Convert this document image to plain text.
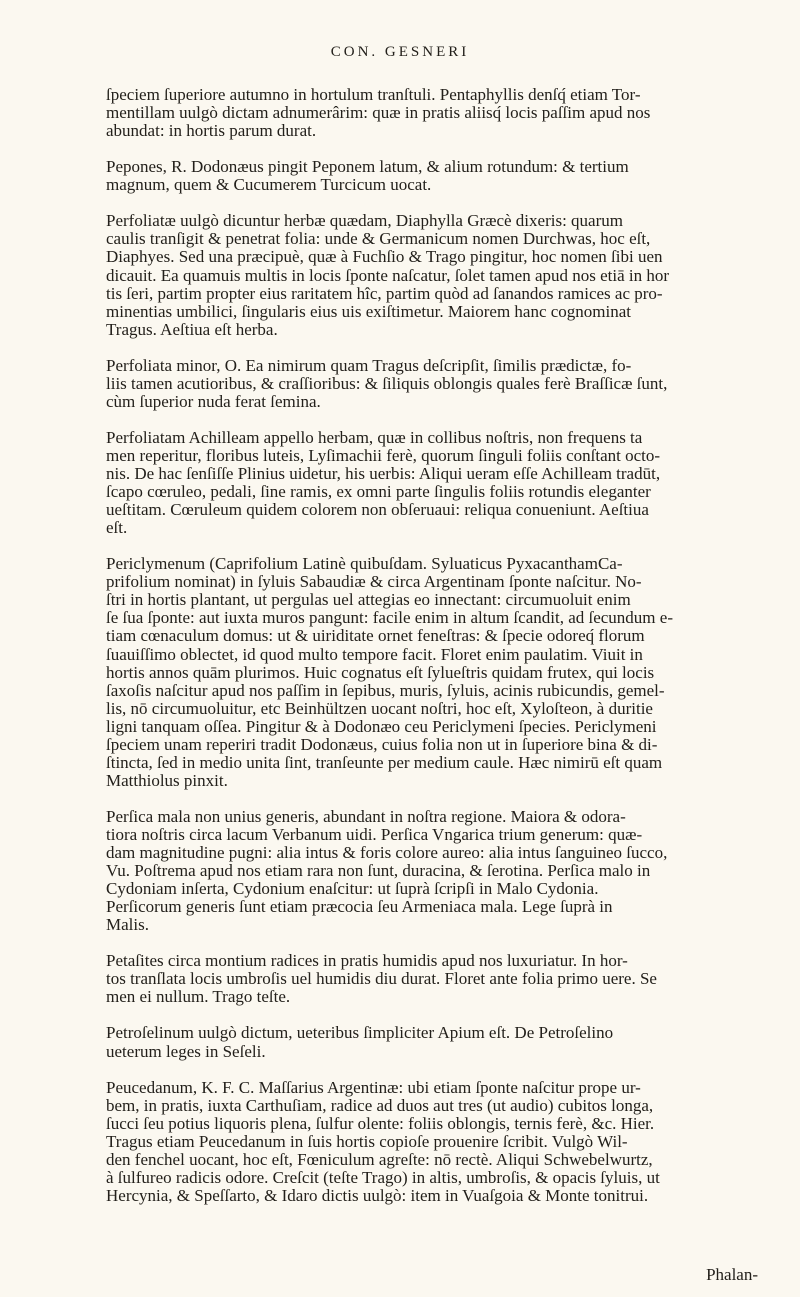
CON. GESNERI

ſpeciem ſuperiore autumno in hortulum tranſtuli. Pentaphyllis denſq́ etiam Tor-
mentillam uulgò dictam adnumerârim: quæ in pratis aliisq́ locis paſſim apud nos
abundat: in hortis parum durat.

Pepones, R. Dodonæus pingit Peponem latum, & alium rotundum: & tertium
magnum, quem & Cucumerem Turcicum uocat.

Perfoliatæ uulgò dicuntur herbæ quædam, Diaphylla Græcè dixeris: quarum
caulis tranſigit & penetrat folia: unde & Germanicum nomen Durchwas, hoc eſt,
Diaphyes. Sed una præcipuè, quæ à Fuchſio & Trago pingitur, hoc nomen ſibi uen
dicauit. Ea quamuis multis in locis ſponte naſcatur, ſolet tamen apud nos etiā in hor
tis ſeri, partim propter eius raritatem hîc, partim quòd ad ſanandos ramices ac pro-
minentias umbilici, ſingularis eius uis exiſtimetur. Maiorem hanc cognominat
Tragus. Aeſtiua eſt herba.

Perfoliata minor, O. Ea nimirum quam Tragus deſcripſit, ſimilis prædictæ, fo-
liis tamen acutioribus, & craſſioribus: & ſiliquis oblongis quales ferè Braſſicæ ſunt,
cùm ſuperior nuda ferat ſemina.

Perfoliatam Achilleam appello herbam, quæ in collibus noſtris, non frequens ta
men reperitur, floribus luteis, Lyſimachii ferè, quorum ſinguli foliis conſtant octo-
nis. De hac ſenſiſſe Plinius uidetur, his uerbis: Aliqui ueram eſſe Achilleam tradūt,
ſcapo cœruleo, pedali, ſine ramis, ex omni parte ſingulis foliis rotundis eleganter
ueſtitam. Cœruleum quidem colorem non obſeruaui: reliqua conueniunt. Aeſtiua
eſt.

Periclymenum (Caprifolium Latinè quibuſdam. Syluaticus PyxacanthamCa-
prifolium nominat) in ſyluis Sabaudiæ & circa Argentinam ſponte naſcitur. No-
ſtri in hortis plantant, ut pergulas uel attegias eo innectant: circumuoluit enim
ſe ſua ſponte: aut iuxta muros pangunt: facile enim in altum ſcandit, ad ſecundum e-
tiam cœnaculum domus: ut & uiriditate ornet feneſtras: & ſpecie odoreq́ florum
ſuauiſſimo oblectet, id quod multo tempore facit. Floret enim paulatim. Viuit in
hortis annos quām plurimos. Huic cognatus eſt ſylueſtris quidam frutex, qui locis
ſaxoſis naſcitur apud nos paſſim in ſepibus, muris, ſyluis, acinis rubicundis, gemel-
lis, nō circumuoluitur, etc Beinhültzen uocant noſtri, hoc eſt, Xyloſteon, à duritie
ligni tanquam oſſea. Pingitur & à Dodonæo ceu Periclymeni ſpecies. Periclymeni
ſpeciem unam reperiri tradit Dodonæus, cuius folia non ut in ſuperiore bina & di-
ſtincta, ſed in medio unita ſint, tranſeunte per medium caule. Hæc nimirū eſt quam
Matthiolus pinxit.

Perſica mala non unius generis, abundant in noſtra regione. Maiora & odora-
tiora noſtris circa lacum Verbanum uidi. Perſica Vngarica trium generum: quæ-
dam magnitudine pugni: alia intus & foris colore aureo: alia intus ſanguineo ſucco,
Vu. Poſtrema apud nos etiam rara non ſunt, duracina, & ſerotina. Perſica malo in
Cydoniam inſerta, Cydonium enaſcitur: ut ſuprà ſcripſi in Malo Cydonia.
Perſicorum generis ſunt etiam præcocia ſeu Armeniaca mala. Lege ſuprà in
Malis.

Petaſites circa montium radices in pratis humidis apud nos luxuriatur. In hor-
tos tranſlata locis umbroſis uel humidis diu durat. Floret ante folia primo uere. Se
men ei nullum. Trago teſte.

Petroſelinum uulgò dictum, ueteribus ſimpliciter Apium eſt. De Petroſelino
ueterum leges in Seſeli.

Peucedanum, K. F. C. Maſſarius Argentinæ: ubi etiam ſponte naſcitur prope ur-
bem, in pratis, iuxta Carthuſiam, radice ad duos aut tres (ut audio) cubitos longa,
ſucci ſeu potius liquoris plena, ſulfur olente: foliis oblongis, ternis ferè, &c. Hier.
Tragus etiam Peucedanum in ſuis hortis copioſe prouenire ſcribit. Vulgò Wil-
den fenchel uocant, hoc eſt, Fœniculum agreſte: nō rectè. Aliqui Schwebelwurtz,
à ſulfureo radicis odore. Creſcit (teſte Trago) in altis, umbroſis, & opacis ſyluis, ut
Hercynia, & Speſſarto, & Idaro dictis uulgò: item in Vuaſgoia & Monte tonitrui.

Phalan-
